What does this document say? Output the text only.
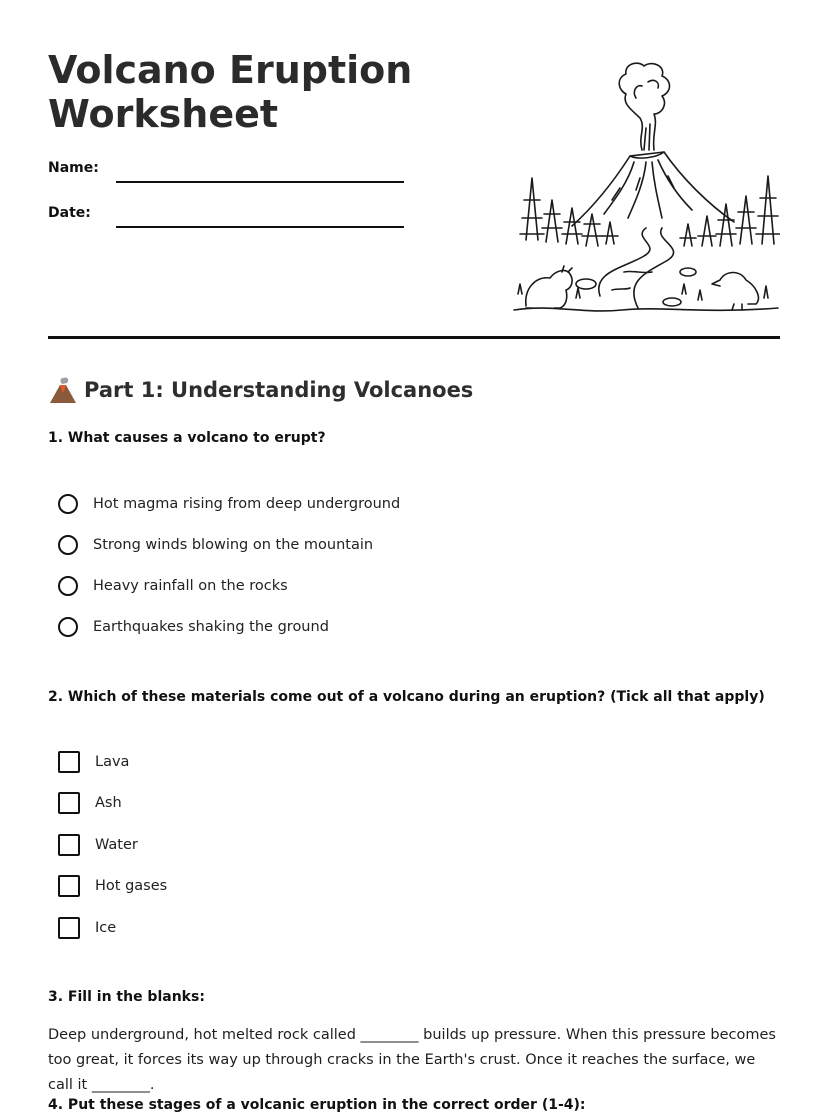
Volcano Eruption Worksheet
Name:
Date:
Part 1: Understanding Volcanoes
1. What causes a volcano to erupt?
Hot magma rising from deep underground
Strong winds blowing on the mountain
Heavy rainfall on the rocks
Earthquakes shaking the ground
2. Which of these materials come out of a volcano during an eruption? (Tick all that apply)
Lava
Ash
Water
Hot gases
Ice
3. Fill in the blanks:

Deep underground, hot melted rock called ________ builds up pressure. When this pressure becomes too great, it forces its way up through cracks in the Earth's crust. Once it reaches the surface, we call it ________.

4. Put these stages of a volcanic eruption in the correct order (1-4):
